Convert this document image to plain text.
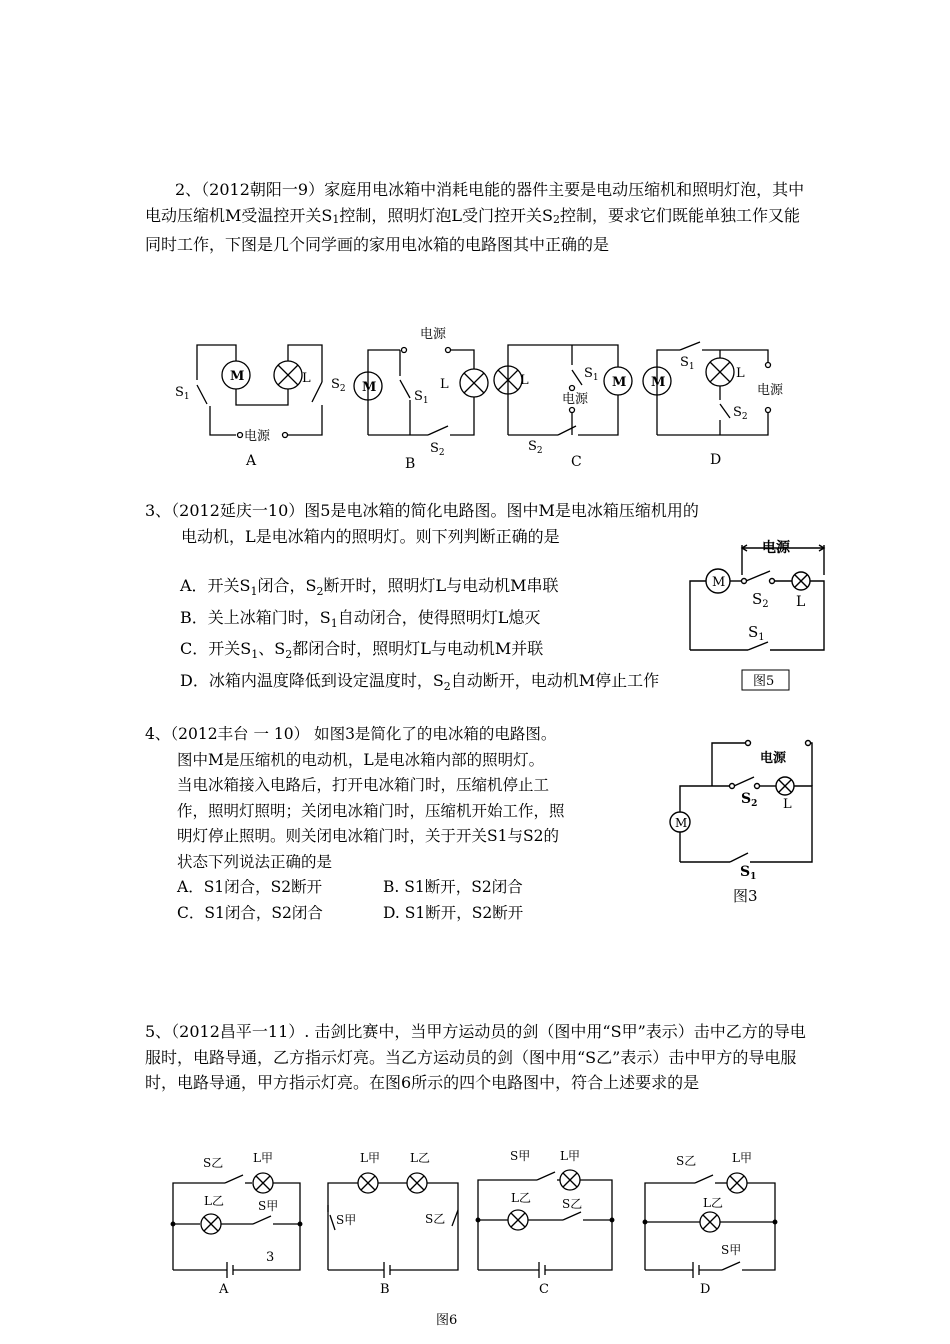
2、（2012朝阳一9）家庭用电冰箱中消耗电能的器件主要是电动压缩机和照明灯泡，其中电动压缩机M受温控开关$S_1$控制，照明灯泡L受门控开关$S_2$控制，要求它们既能单独工作又能同时工作，下图是几个同学画的家用电冰箱的电路图其中正确的是
M	L
$S_1$
$S_2$
电源
A
M	L
$S_1$
$S_2$
电源
B
L	M
$S_1$
电源
$S_2$
C
M
$S_1$	L
电源
$S_2$
D
3、（2012延庆一10）图5是电冰箱的简化电路图。图中M是电冰箱压缩机用的
电动机，L是电冰箱内的照明灯。则下列判断正确的是
A．开关$S_1$闭合，$S_2$断开时，照明灯L与电动机M串联
B．关上冰箱门时，$S_1$自动闭合，使得照明灯L熄灭
C．开关$S_1$、$S_2$都闭合时，照明灯L与电动机M并联
D．冰箱内温度降低到设定温度时，$S_2$自动断开，电动机M停止工作
电源
M
$S_2$ L
$S_1$
图5
4、（2012丰台 一 10） 如图3是简化了的电冰箱的电路图。
图中M是压缩机的电动机，L是电冰箱内部的照明灯。
当电冰箱接入电路后，打开电冰箱门时，压缩机停止工
作，照明灯照明；关闭电冰箱门时，压缩机开始工作，照
明灯停止照明。则关闭电冰箱门时，关于开关S1与S2的
状态下列说法正确的是
A．S1闭合，S2断开	B. S1断开，S2闭合
C．S1闭合，S2闭合	D. S1断开，S2断开
电源
M
$S_2$ L
$S_1$
图3
5、（2012昌平一11）. 击剑比赛中，当甲方运动员的剑（图中用“S甲”表示）击中乙方的导电服时，电路导通，乙方指示灯亮。当乙方运动员的剑（图中用“S乙”表示）击中甲方的导电服时，电路导通，甲方指示灯亮。在图6所示的四个电路图中，符合上述要求的是
S乙 L甲
L乙	S甲
3
A
L甲	L乙
S甲	S乙
B
S甲 L甲
L乙	S乙
C
S乙	L甲
L乙
S甲
D
图6
